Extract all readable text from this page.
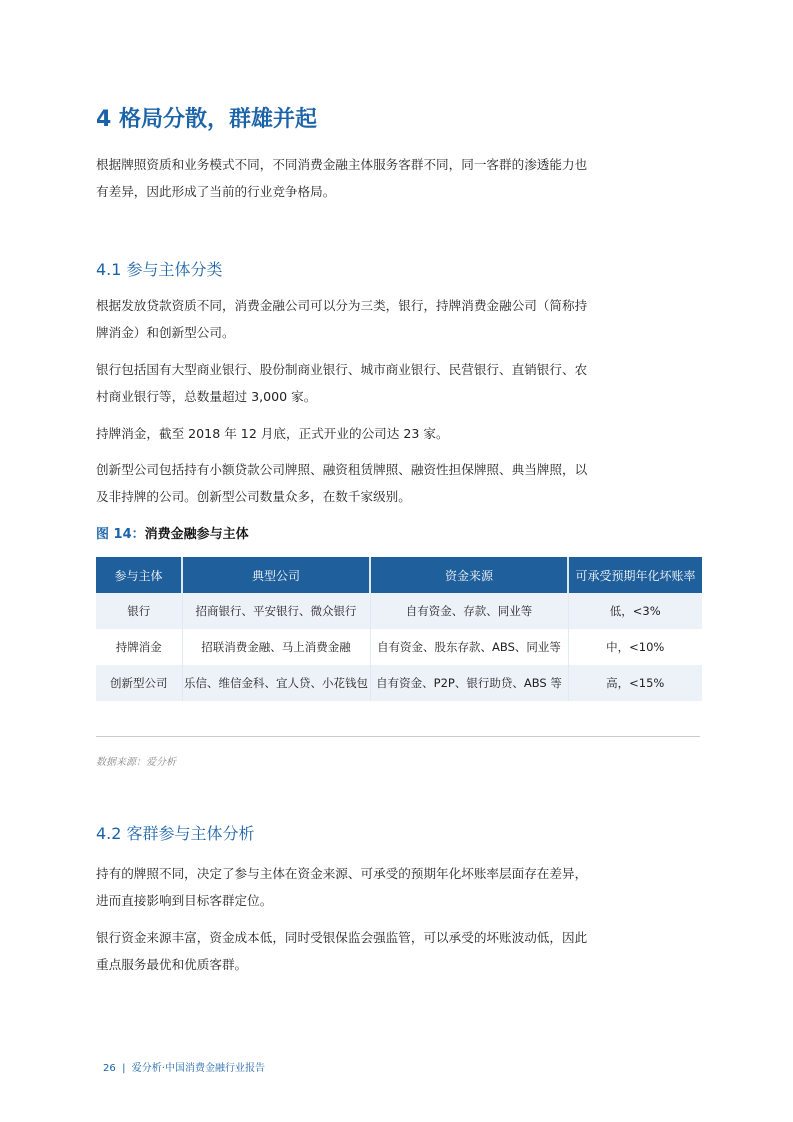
4 格局分散，群雄并起

根据牌照资质和业务模式不同，不同消费金融主体服务客群不同，同一客群的渗透能力也有差异，因此形成了当前的行业竞争格局。

4.1 参与主体分类

根据发放贷款资质不同，消费金融公司可以分为三类，银行，持牌消费金融公司（简称持牌消金）和创新型公司。

银行包括国有大型商业银行、股份制商业银行、城市商业银行、民营银行、直销银行、农村商业银行等，总数量超过 3,000 家。

持牌消金，截至 2018 年 12 月底，正式开业的公司达 23 家。

创新型公司包括持有小额贷款公司牌照、融资租赁牌照、融资性担保牌照、典当牌照，以及非持牌的公司。创新型公司数量众多，在数千家级别。

图 14：消费金融参与主体
参与主体	典型公司	资金来源	可承受预期年化坏账率
银行	招商银行、平安银行、微众银行	自有资金、存款、同业等	低，<3%
持牌消金	招联消费金融、马上消费金融	自有资金、股东存款、ABS、同业等	中，<10%
创新型公司	乐信、维信金科、宜人贷、小花钱包	自有资金、P2P、银行助贷、ABS 等	高，<15%
数据来源：爱分析
4.2 客群参与主体分析

持有的牌照不同，决定了参与主体在资金来源、可承受的预期年化坏账率层面存在差异，进而直接影响到目标客群定位。

银行资金来源丰富，资金成本低，同时受银保监会强监管，可以承受的坏账波动低，因此重点服务最优和优质客群。

26  |  爱分析·中国消费金融行业报告
